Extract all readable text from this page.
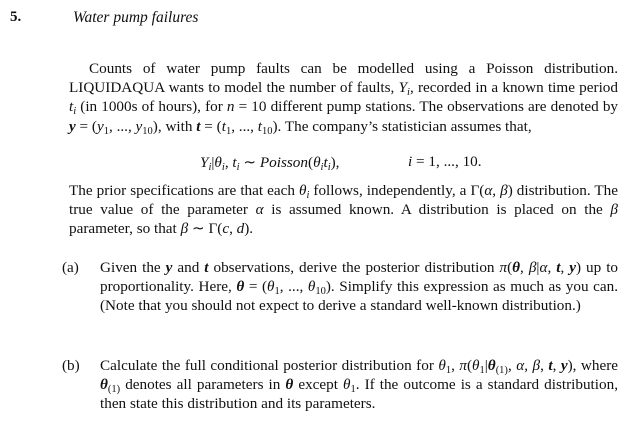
5.	Water pump failures
Counts of water pump faults can be modelled using a Poisson distribution. LIQUIDAQUA wants to model the number of faults, $Y_i$, recorded in a known time period $t_i$ (in 1000s of hours), for n = 10 different pump stations. The observations are denoted by $y = (y_1$, ..., $y_{10}$), with $t = (t_1$, ..., $t_{10}$). The company’s statistician assumes that,
$Y_i|\theta_i$, $t_i$ ∼ $Poisson(\theta_it_i)$,	i = 1, ..., 10.
The prior specifications are that each $\theta_i$ follows, independently, a Γ(α, β) distribution. The true value of the parameter α is assumed known. A distribution is placed on the β parameter, so that β ∼ Γ(c, d).
(a) Given the y and t observations, derive the posterior distribution π(θ, β|α, t, y) up to proportionality. Here, $\theta = (\theta_1$, ..., $\theta_{10}$). Simplify this expression as much as you can. (Note that you should not expect to derive a standard well-known distribution.)
(b) Calculate the full conditional posterior distribution for $\theta_1$, $\pi(\theta_1|\theta_{(1)}$, α, β, t, y), where $\theta_{(1)}$ denotes all parameters in θ except $\theta_1$. If the outcome is a standard distribution, then state this distribution and its parameters.
